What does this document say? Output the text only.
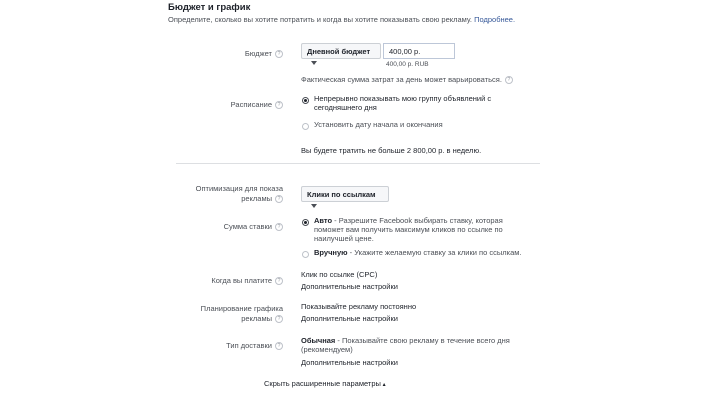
Бюджет и график
Определите, сколько вы хотите потратить и когда вы хотите показывать свою рекламу. Подробнее.
Бюджет ?	Дневной бюджет	400,00 р.
400,00 р. RUB
Фактическая сумма затрат за день может варьироваться. ?
Расписание ?
Непрерывно показывать мою группу объявлений с сегодняшнего дня
Установить дату начала и окончания
Вы будете тратить не больше 2 800,00 р. в неделю.
Оптимизация для показа
рекламы ?
Клики по ссылкам
Сумма ставки ?
Авто - Разрешите Facebook выбирать ставку, которая поможет вам получить максимум кликов по ссылке по наилучшей цене.
Вручную - Укажите желаемую ставку за клики по ссылкам.
Когда вы платите ?
Клик по ссылке (CPC)
Дополнительные настройки
Планирование графика
рекламы ?
Показывайте рекламу постоянно
Дополнительные настройки
Тип доставки ?
Обычная - Показывайте свою рекламу в течение всего дня (рекомендуем)
Дополнительные настройки
Скрыть расширенные параметры ▴
